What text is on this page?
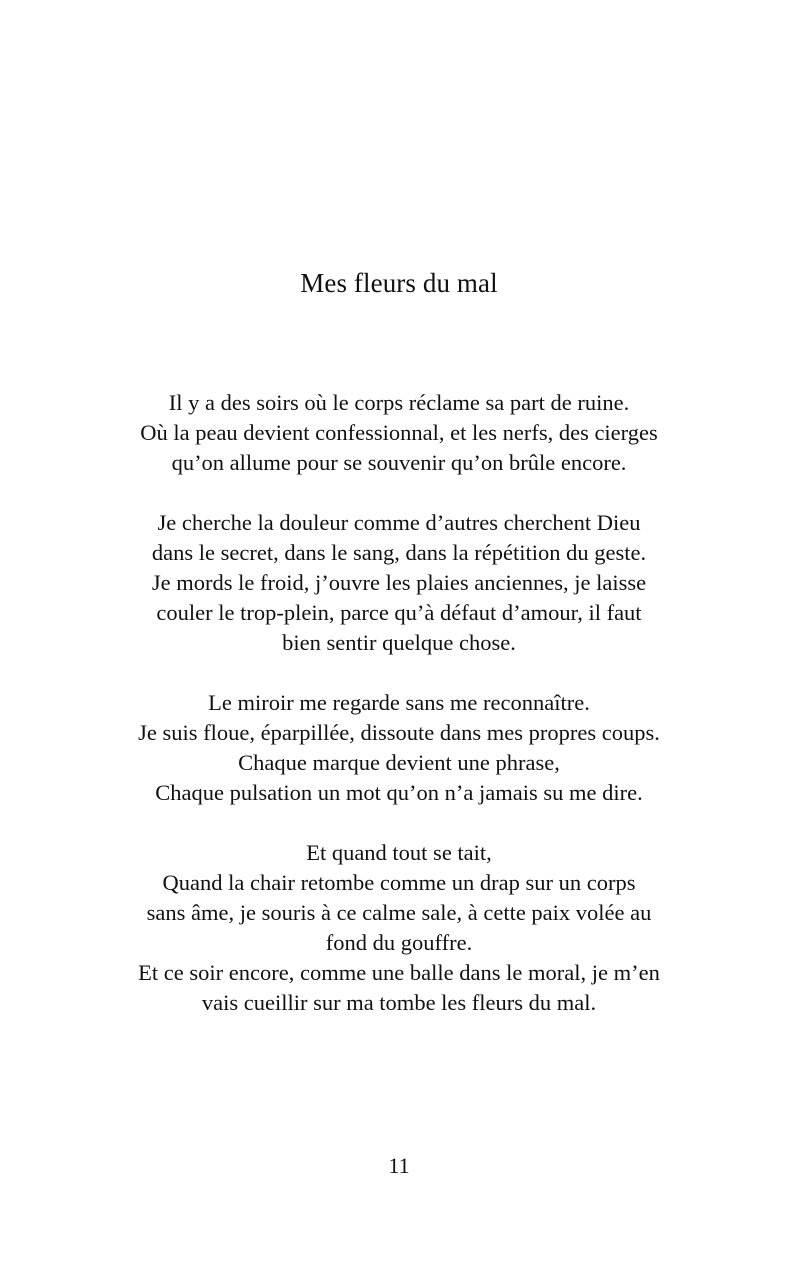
Mes fleurs du mal
Il y a des soirs où le corps réclame sa part de ruine.
Où la peau devient confessionnal, et les nerfs, des cierges
qu’on allume pour se souvenir qu’on brûle encore.
Je cherche la douleur comme d’autres cherchent Dieu
dans le secret, dans le sang, dans la répétition du geste.
Je mords le froid, j’ouvre les plaies anciennes, je laisse
couler le trop-plein, parce qu’à défaut d’amour, il faut
bien sentir quelque chose.
Le miroir me regarde sans me reconnaître.
Je suis floue, éparpillée, dissoute dans mes propres coups.
Chaque marque devient une phrase,
Chaque pulsation un mot qu’on n’a jamais su me dire.
Et quand tout se tait,
Quand la chair retombe comme un drap sur un corps
sans âme, je souris à ce calme sale, à cette paix volée au
fond du gouffre.
Et ce soir encore, comme une balle dans le moral, je m’en
vais cueillir sur ma tombe les fleurs du mal.
11
